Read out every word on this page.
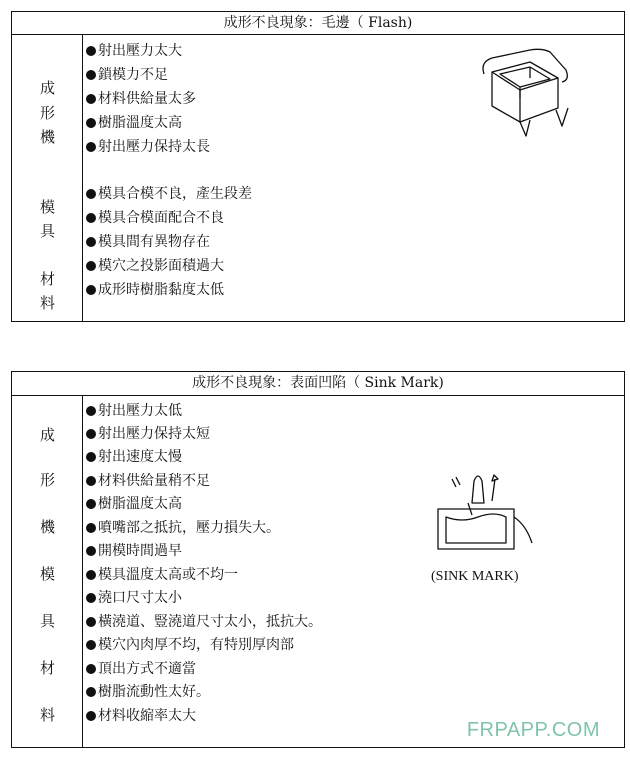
成形不良現象：毛邊（ Flash)
成
形
機
模
具
材
料
射出壓力太大
鎖模力不足
材料供給量太多
樹脂溫度太高
射出壓力保持太長
模具合模不良，產生段差
模具合模面配合不良
模具間有異物存在
模穴之投影面積過大
成形時樹脂黏度太低
成形不良現象：表面凹陷（ Sink Mark)
成
形
機
模
具
材
料
射出壓力太低
射出壓力保持太短
射出速度太慢
材料供給量稍不足
樹脂溫度太高
噴嘴部之抵抗，壓力損失大。
開模時間過早
模具溫度太高或不均一
澆口尺寸太小
橫澆道、豎澆道尺寸太小，抵抗大。
模穴內肉厚不均，有特別厚肉部
頂出方式不適當
樹脂流動性太好。
材料收縮率太大
(SINK MARK)
FRPAPP.COM
